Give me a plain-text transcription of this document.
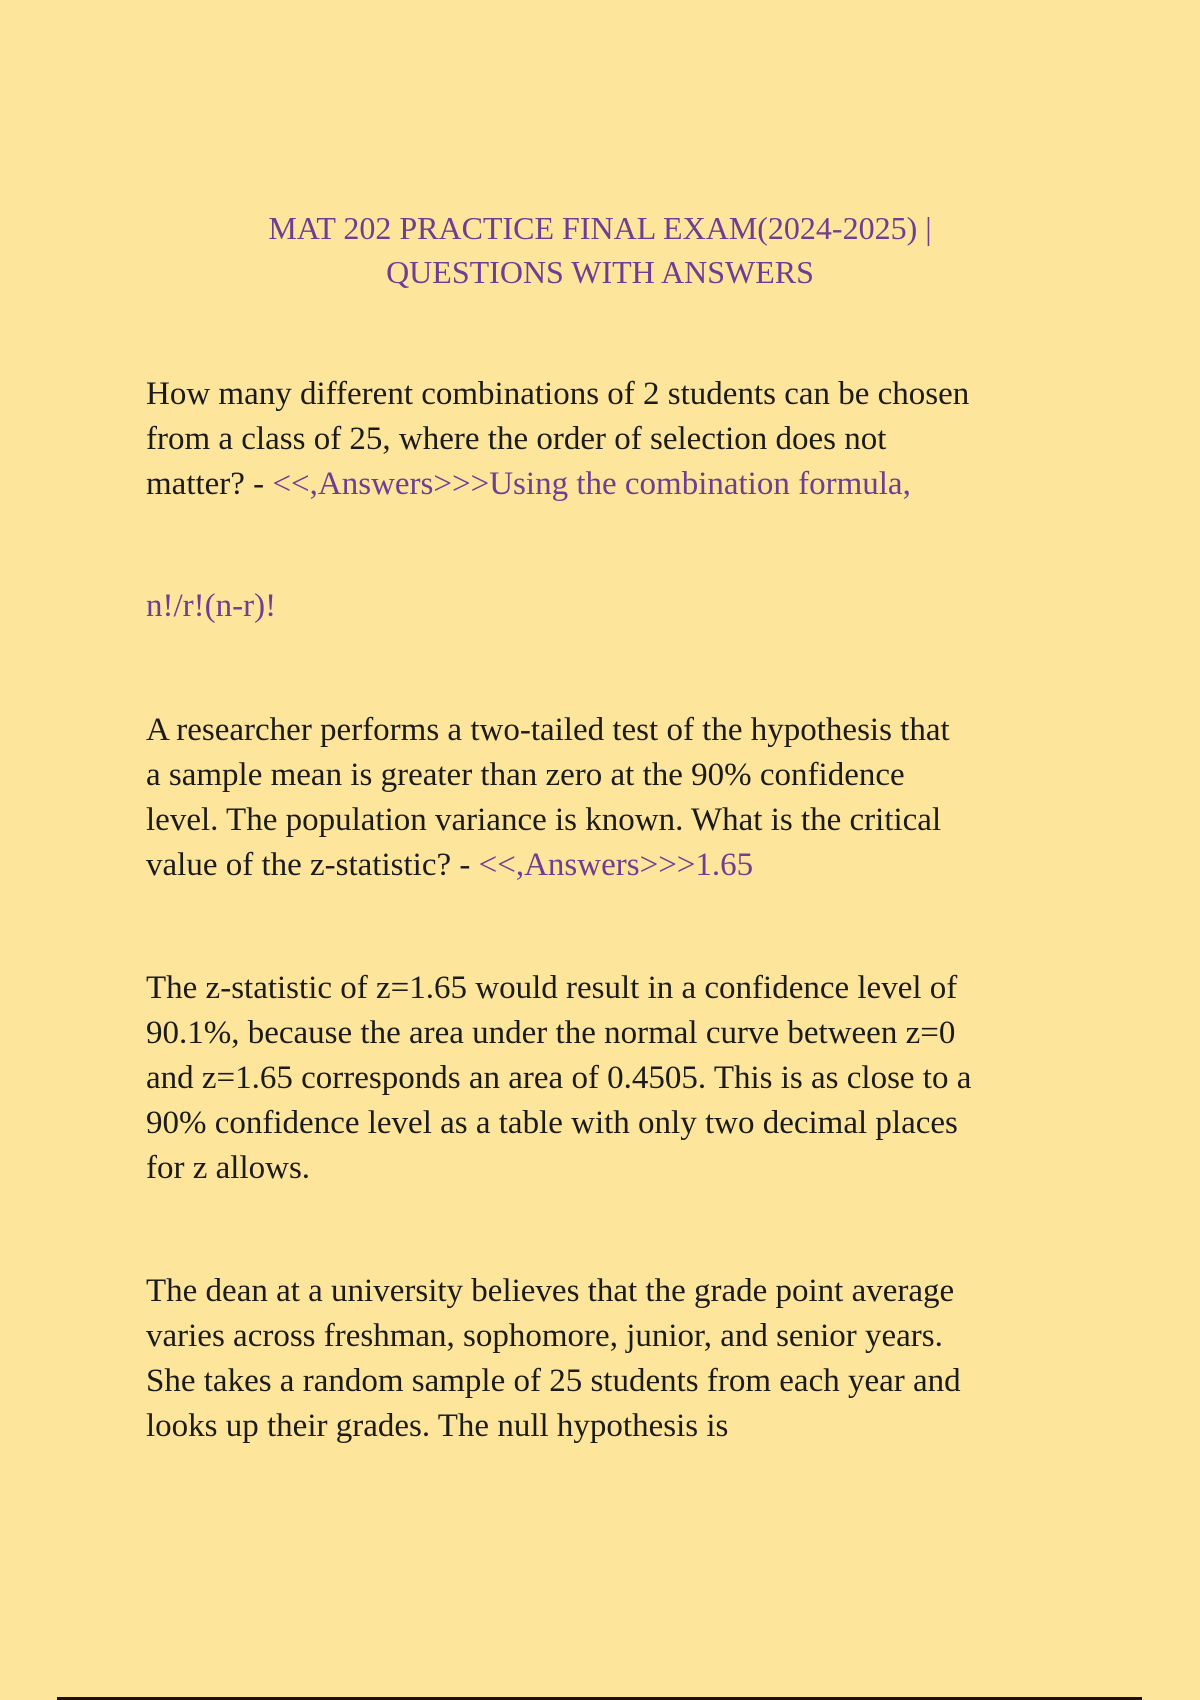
MAT 202 PRACTICE FINAL EXAM(2024-2025) |
QUESTIONS WITH ANSWERS
How many different combinations of 2 students can be chosen
from a class of 25, where the order of selection does not
matter? - <<,Answers>>>Using the combination formula,
n!/r!(n-r)!
A researcher performs a two-tailed test of the hypothesis that
a sample mean is greater than zero at the 90% confidence
level. The population variance is known. What is the critical
value of the z-statistic? - <<,Answers>>>1.65
The z-statistic of z=1.65 would result in a confidence level of
90.1%, because the area under the normal curve between z=0
and z=1.65 corresponds an area of 0.4505. This is as close to a
90% confidence level as a table with only two decimal places
for z allows.
The dean at a university believes that the grade point average
varies across freshman, sophomore, junior, and senior years.
She takes a random sample of 25 students from each year and
looks up their grades. The null hypothesis is
